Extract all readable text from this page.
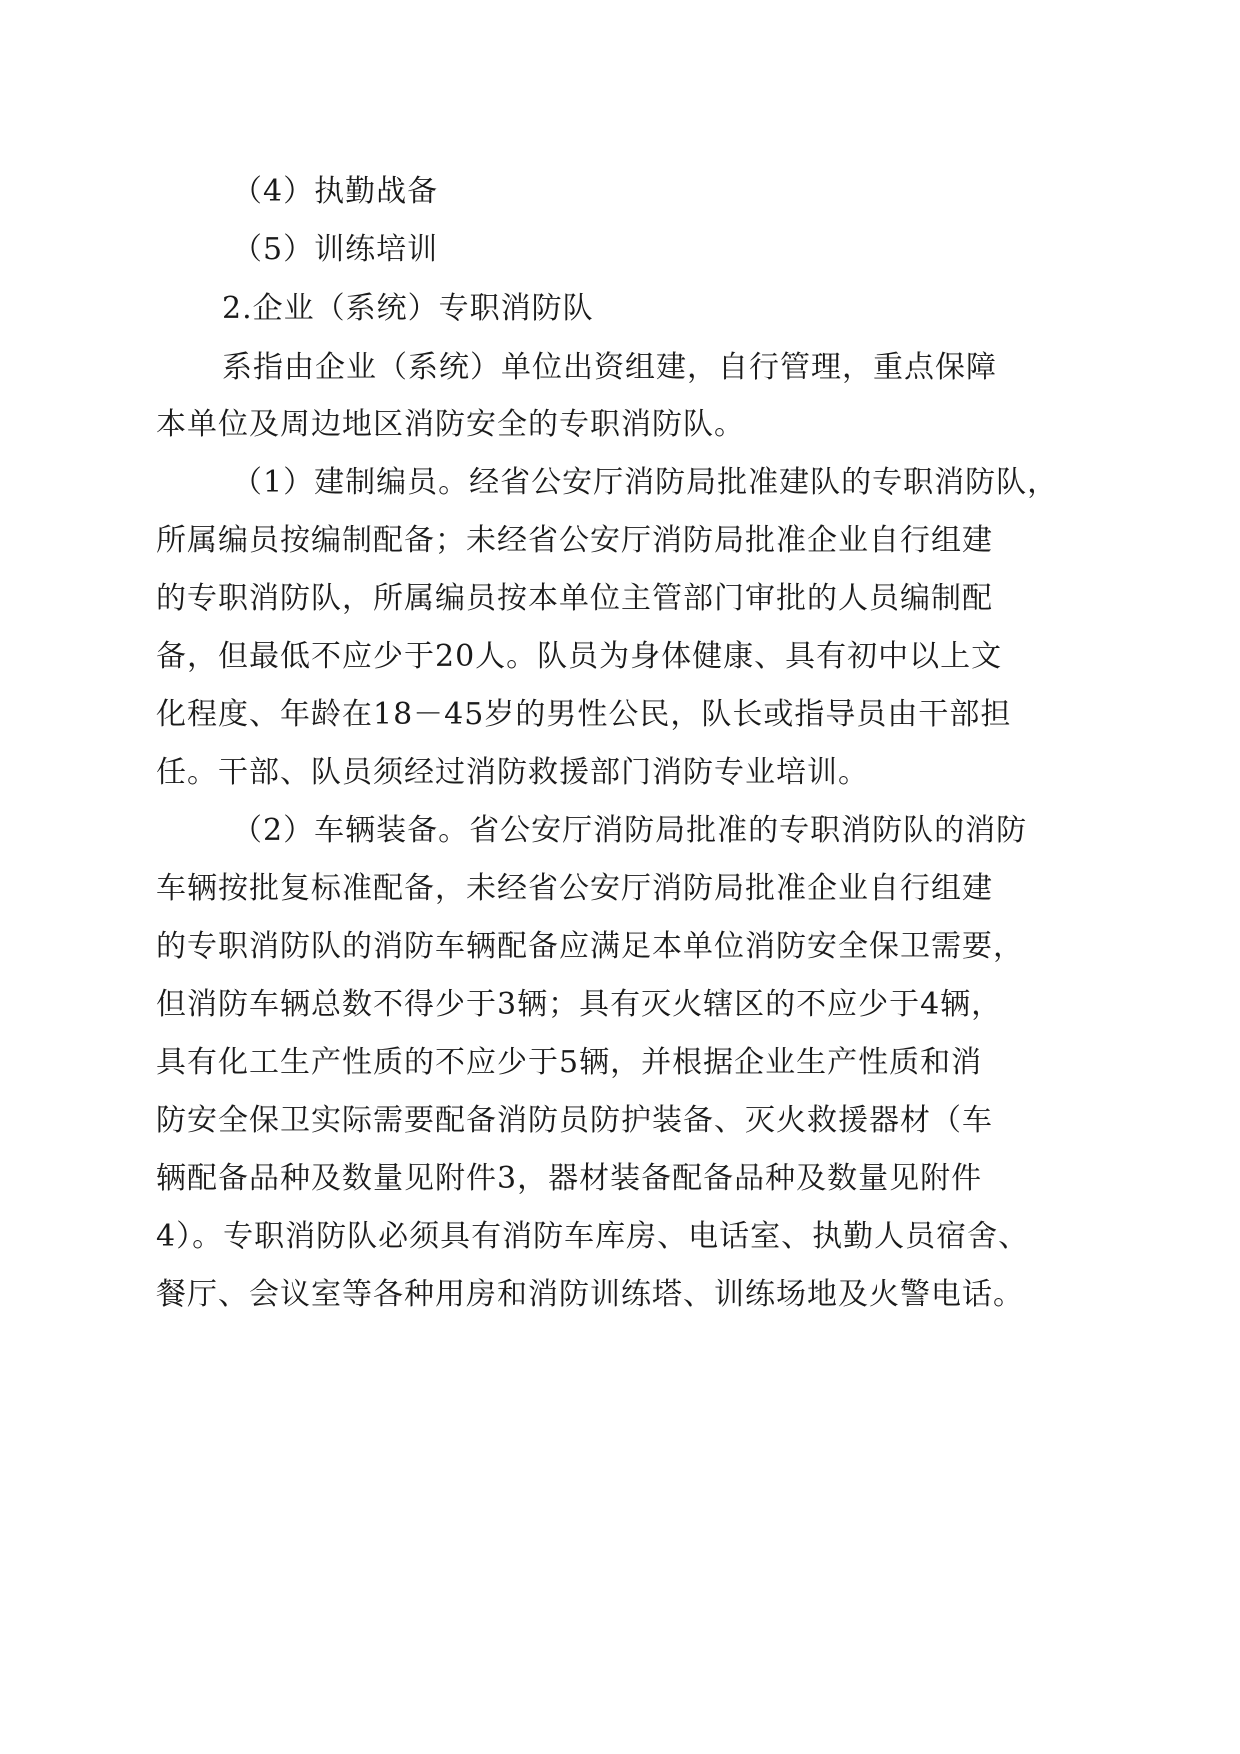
（4）执勤战备
（5）训练培训
2.企业（系统）专职消防队
系指由企业（系统）单位出资组建，自行管理，重点保障
本单位及周边地区消防安全的专职消防队。
（1）建制编员。经省公安厅消防局批准建队的专职消防队，
所属编员按编制配备；未经省公安厅消防局批准企业自行组建
的专职消防队，所属编员按本单位主管部门审批的人员编制配
备，但最低不应少于20人。队员为身体健康、具有初中以上文
化程度、年龄在18－45岁的男性公民，队长或指导员由干部担
任。干部、队员须经过消防救援部门消防专业培训。
（2）车辆装备。省公安厅消防局批准的专职消防队的消防
车辆按批复标准配备，未经省公安厅消防局批准企业自行组建
的专职消防队的消防车辆配备应满足本单位消防安全保卫需要，
但消防车辆总数不得少于3辆；具有灭火辖区的不应少于4辆，
具有化工生产性质的不应少于5辆，并根据企业生产性质和消
防安全保卫实际需要配备消防员防护装备、灭火救援器材（车
辆配备品种及数量见附件3，器材装备配备品种及数量见附件
4）。专职消防队必须具有消防车库房、电话室、执勤人员宿舍、
餐厅、会议室等各种用房和消防训练塔、训练场地及火警电话。
